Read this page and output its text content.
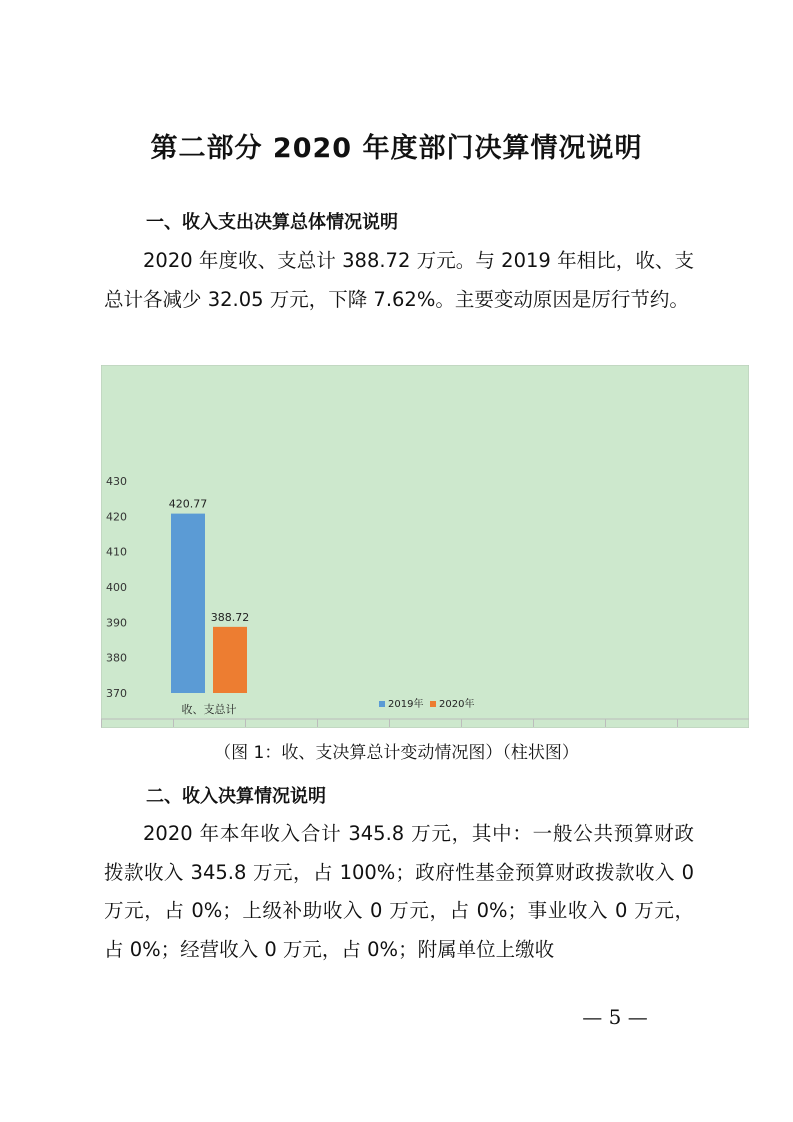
第二部分 2020 年度部门决算情况说明
一、收入支出决算总体情况说明

2020 年度收、支总计 388.72 万元。与 2019 年相比，收、支总计各减少 32.05 万元，下降 7.62%。主要变动原因是厉行节约。

370
380
390
400
410
420
430
420.77
388.72
收、支总计	2019年 2020年
（图 1：收、支决算总计变动情况图）（柱状图）
二、收入决算情况说明

2020 年本年收入合计 345.8 万元，其中：一般公共预算财政拨款收入 345.8 万元，占 100%；政府性基金预算财政拨款收入 0 万元，占 0%；上级补助收入 0 万元，占 0%；事业收入 0 万元，占 0%；经营收入 0 万元，占 0%；附属单位上缴收

— 5 —
